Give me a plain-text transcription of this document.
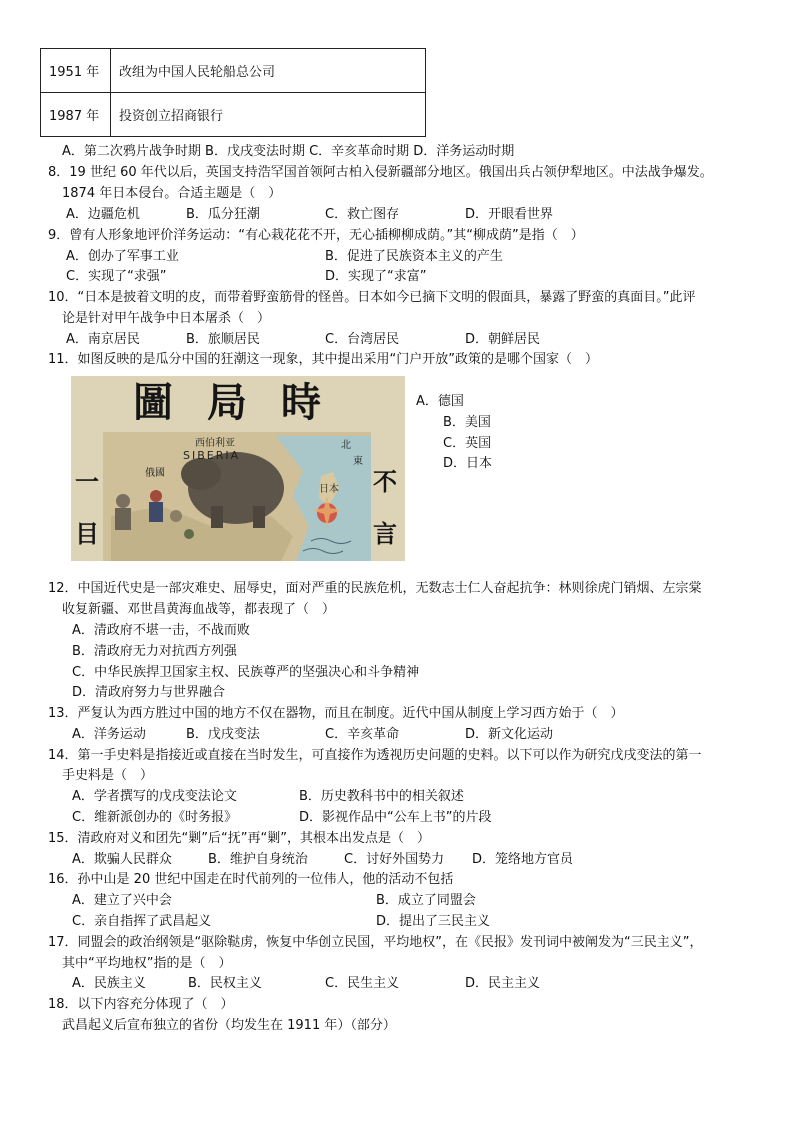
1951 年	改组为中国人民轮船总公司
1987 年	投资创立招商银行
A．第二次鸦片战争时期 B．戊戌变法时期 C．辛亥革命时期 D．洋务运动时期
8．19 世纪 60 年代以后，英国支持浩罕国首领阿古柏入侵新疆部分地区。俄国出兵占领伊犁地区。中法战争爆发。
1874 年日本侵台。合适主题是（　）
A．边疆危机	B．瓜分狂潮	C．救亡图存	D．开眼看世界
9．曾有人形象地评价洋务运动：“有心栽花花不开，无心插柳柳成荫。”其“柳成荫”是指（　）
A．创办了军事工业	B．促进了民族资本主义的产生
C．实现了“求强”	D．实现了“求富”
10．“日本是披着文明的皮，而带着野蛮筋骨的怪兽。日本如今已摘下文明的假面具，暴露了野蛮的真面目。”此评
论是针对甲午战争中日本屠杀（　）
A．南京居民	B．旅顺居民	C．台湾居民	D．朝鲜居民
11．如图反映的是瓜分中国的狂潮这一现象，其中提出采用“门户开放”政策的是哪个国家（　）
圖局時
西伯利亚
SIBERIA
俄國
北
東
日本
一目
不言
A．德国
B．美国
C．英国
D．日本
12．中国近代史是一部灾难史、屈辱史，面对严重的民族危机，无数志士仁人奋起抗争：林则徐虎门销烟、左宗棠
收复新疆、邓世昌黄海血战等，都表现了（　）
A．清政府不堪一击，不战而败
B．清政府无力对抗西方列强
C．中华民族捍卫国家主权、民族尊严的坚强决心和斗争精神
D．清政府努力与世界融合
13．严复认为西方胜过中国的地方不仅在器物，而且在制度。近代中国从制度上学习西方始于（　）
A．洋务运动	B．戊戌变法	C．辛亥革命	D．新文化运动
14．第一手史料是指接近或直接在当时发生，可直接作为透视历史问题的史料。以下可以作为研究戊戌变法的第一
手史料是（　）
A．学者撰写的戊戌变法论文	B．历史教科书中的相关叙述
C．维新派创办的《时务报》	D．影视作品中“公车上书”的片段
15．清政府对义和团先“剿”后“抚”再“剿”，其根本出发点是（　）
A．欺骗人民群众	B．维护自身统治	C．讨好外国势力 D．笼络地方官员
16．孙中山是 20 世纪中国走在时代前列的一位伟人，他的活动不包括
A．建立了兴中会	B．成立了同盟会
C．亲自指挥了武昌起义	D．提出了三民主义
17．同盟会的政治纲领是“驱除鞑虏，恢复中华创立民国，平均地权”，在《民报》发刊词中被阐发为“三民主义”，
其中“平均地权”指的是（　）
A．民族主义	B．民权主义	C．民生主义	D．民主主义
18．以下内容充分体现了（　）
武昌起义后宣布独立的省份（均发生在 1911 年）（部分）
